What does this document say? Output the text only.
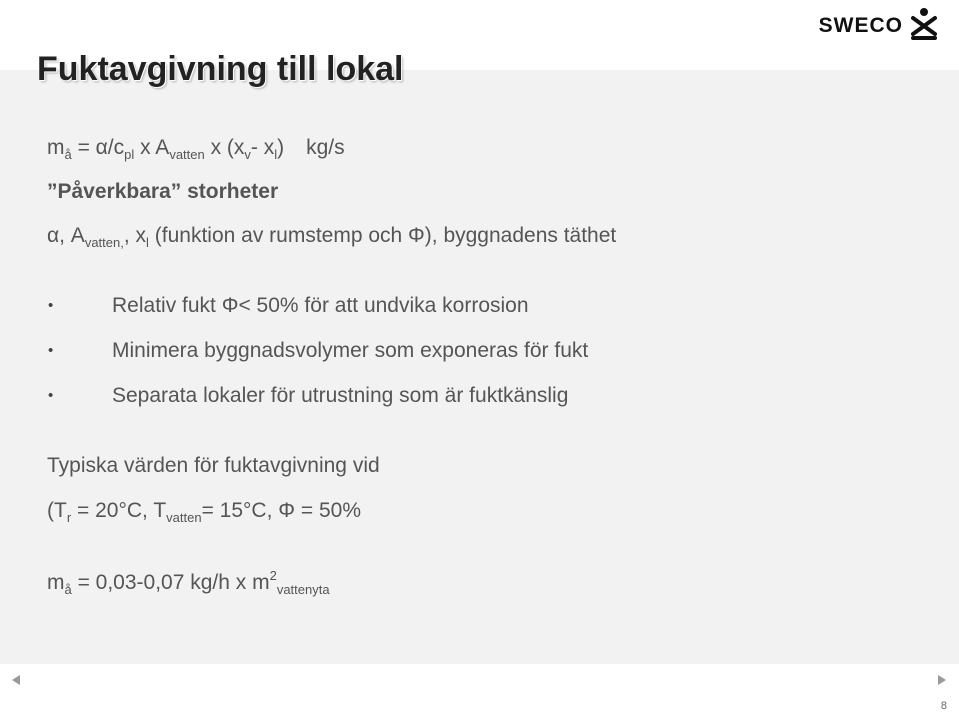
SWECO
Fuktavgivning till lokal
$m_å = \alpha/c_{pl}$ x $A_{vatten}$ x ($x_v-$ $x_l$) kg/s
”Påverkbara” storheter
α, $A_{vatten,}$, $x_l$ (funktion av rumstemp och Φ), byggnadens täthet
•	Relativ fukt Φ< 50% för att undvika korrosion
•	Minimera byggnadsvolymer som exponeras för fukt
•	Separata lokaler för utrustning som är fuktkänslig
Typiska värden för fuktavgivning vid
($T_r = 20^\circ C$, $T_{vatten}= 15^\circ C$, Φ = 50%
$m_å = 0,03-0,07$ kg/h x $m^2_{vattenyta}$
8
